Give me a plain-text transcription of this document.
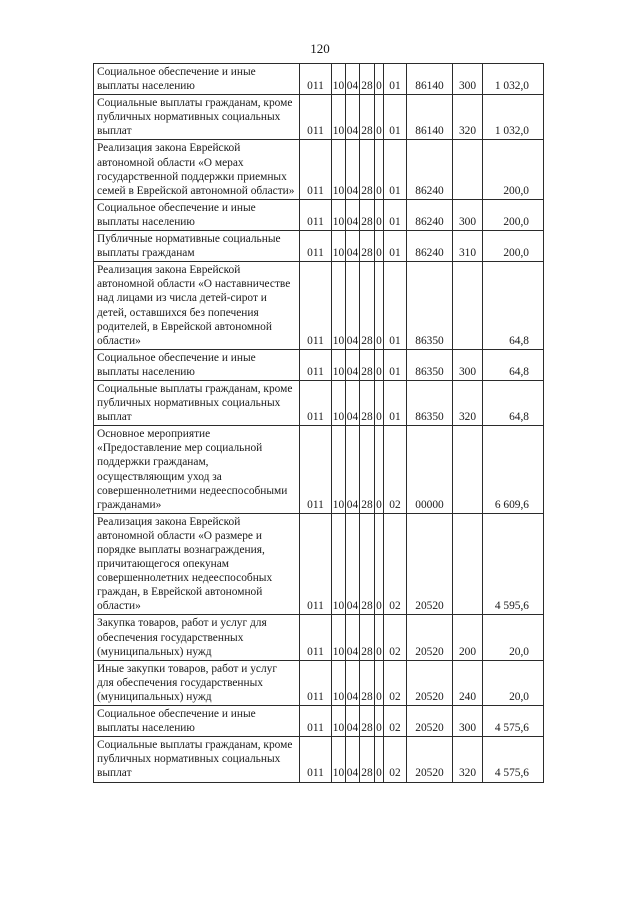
120
Социальное обеспечение и иные выплаты населению	011	10	04	28	0	01	86140	300	1 032,0

Социальные выплаты гражданам, кроме публичных нормативных социальных выплат	011	10	04	28	0	01	86140	320	1 032,0

Реализация закона Еврейской автономной области «О мерах государственной поддержки приемных семей в Еврейской автономной области»	011	10	04	28	0	01	86240		200,0

Социальное обеспечение и иные выплаты населению	011	10	04	28	0	01	86240	300	200,0

Публичные нормативные социальные выплаты гражданам	011	10	04	28	0	01	86240	310	200,0

Реализация закона Еврейской автономной области «О наставничестве над лицами из числа детей-сирот и детей, оставшихся без попечения родителей, в Еврейской автономной области»	011	10	04	28	0	01	86350		64,8

Социальное обеспечение и иные выплаты населению	011	10	04	28	0	01	86350	300	64,8

Социальные выплаты гражданам, кроме публичных нормативных социальных выплат	011	10	04	28	0	01	86350	320	64,8

Основное мероприятие «Предоставление мер социальной поддержки гражданам, осуществляющим уход за совершеннолетними недееспособными гражданами»	011	10	04	28	0	02	00000		6 609,6

Реализация закона Еврейской автономной области «О размере и порядке выплаты вознаграждения, причитающегося опекунам совершеннолетних недееспособных граждан, в Еврейской автономной области»	011	10	04	28	0	02	20520		4 595,6

Закупка товаров, работ и услуг для обеспечения государственных (муниципальных) нужд	011	10	04	28	0	02	20520	200	20,0

Иные закупки товаров, работ и услуг для обеспечения государственных (муниципальных) нужд	011	10	04	28	0	02	20520	240	20,0

Социальное обеспечение и иные выплаты населению	011	10	04	28	0	02	20520	300	4 575,6

Социальные выплаты гражданам, кроме публичных нормативных социальных выплат	011	10	04	28	0	02	20520	320	4 575,6
